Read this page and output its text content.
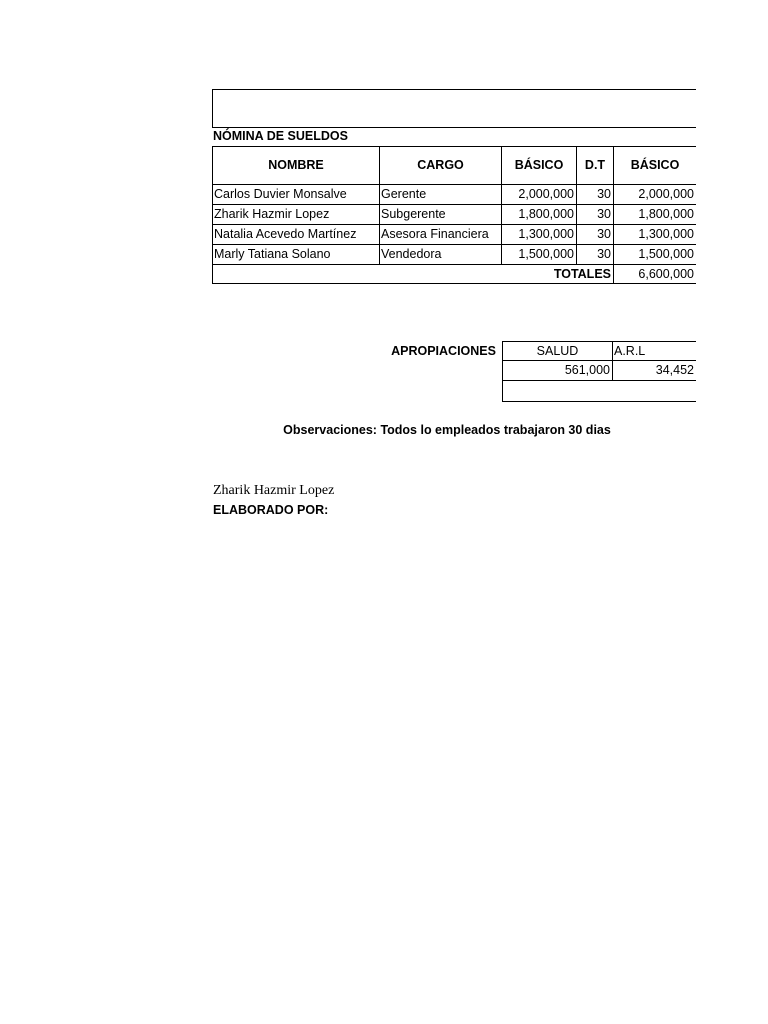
NÓMINA DE SUELDOS
NOMBRE	CARGO	BÁSICO	D.T	BÁSICO
Carlos Duvier Monsalve	Gerente	2,000,000	30	2,000,000
Zharik Hazmir Lopez	Subgerente	1,800,000	30	1,800,000
Natalia Acevedo Martínez	Asesora Financiera	1,300,000	30	1,300,000
Marly Tatiana Solano	Vendedora	1,500,000	30	1,500,000
TOTALES	6,600,000
APROPIACIONES	SALUD	A.R.L
561,000	34,452
Observaciones: Todos lo empleados trabajaron 30 dias
Zharik Hazmir Lopez
ELABORADO POR:
